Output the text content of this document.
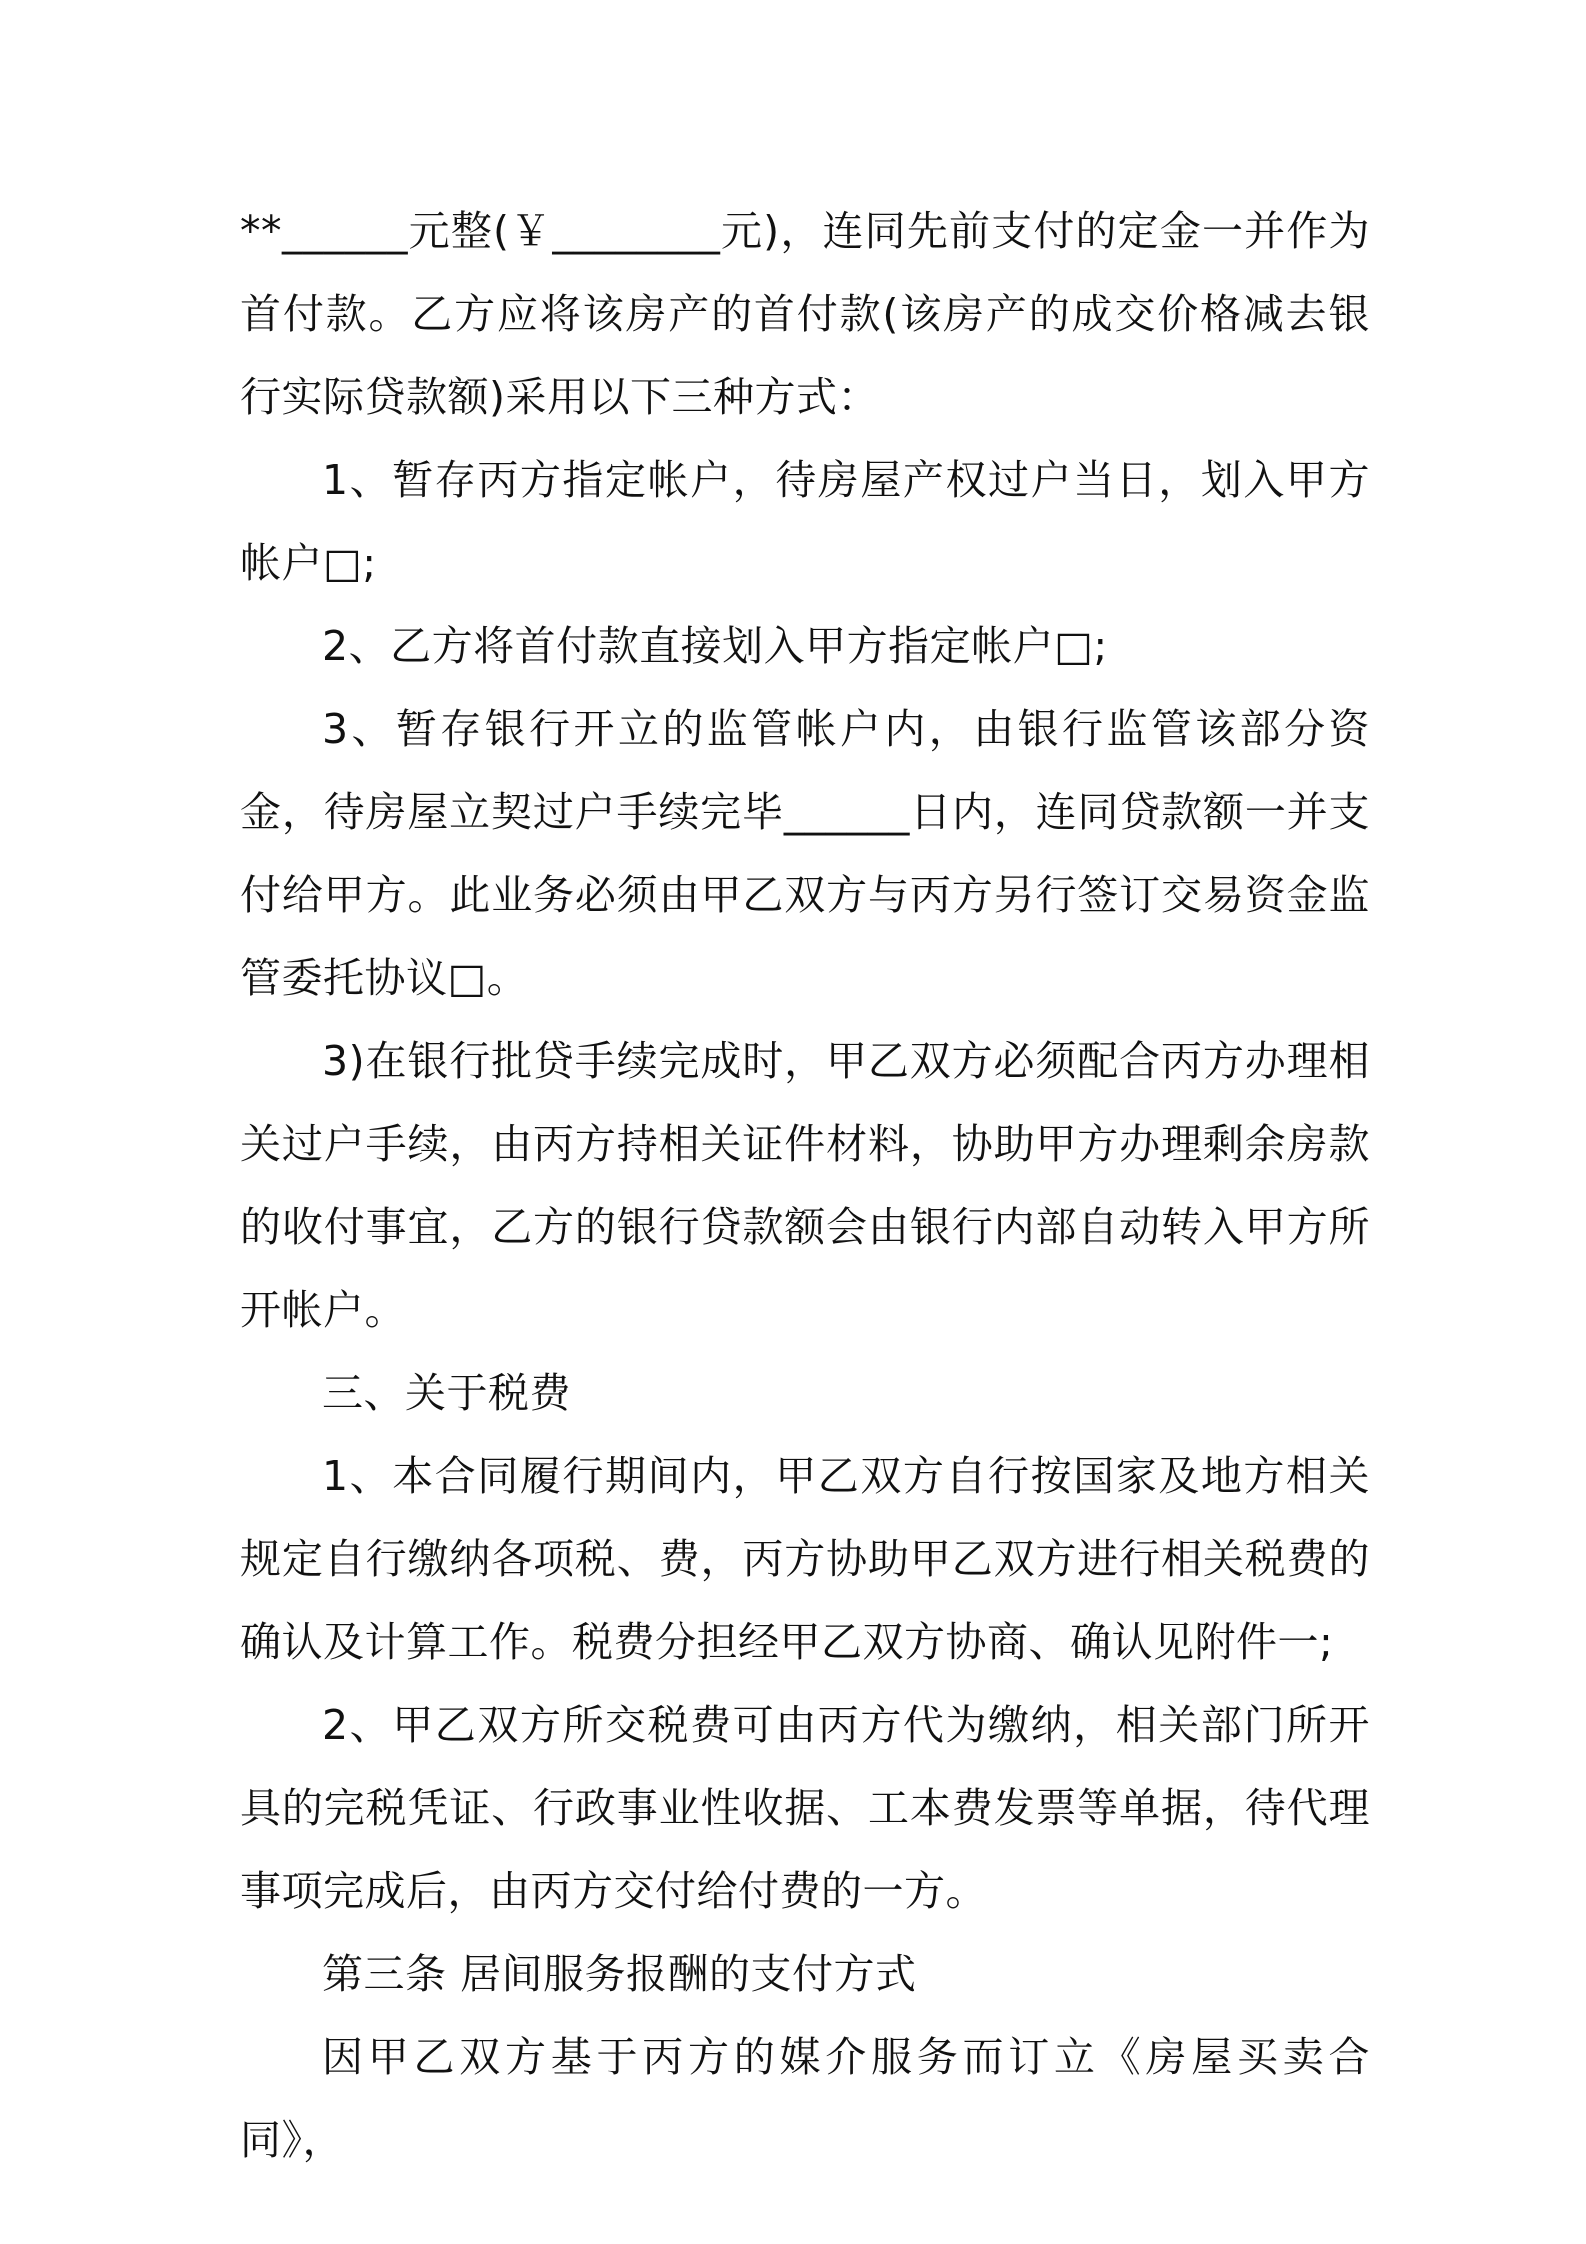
**______元整(￥________元)，连同先前支付的定金一并作为首付款。乙方应将该房产的首付款(该房产的成交价格减去银行实际贷款额)采用以下三种方式：

1、暂存丙方指定帐户，待房屋产权过户当日，划入甲方帐户□;

2、乙方将首付款直接划入甲方指定帐户□;

3、暂存银行开立的监管帐户内，由银行监管该部分资金，待房屋立契过户手续完毕______日内，连同贷款额一并支付给甲方。此业务必须由甲乙双方与丙方另行签订交易资金监管委托协议□。

3)在银行批贷手续完成时，甲乙双方必须配合丙方办理相关过户手续，由丙方持相关证件材料，协助甲方办理剩余房款的收付事宜，乙方的银行贷款额会由银行内部自动转入甲方所开帐户。

三、关于税费

1、本合同履行期间内，甲乙双方自行按国家及地方相关规定自行缴纳各项税、费，丙方协助甲乙双方进行相关税费的确认及计算工作。税费分担经甲乙双方协商、确认见附件一;

2、甲乙双方所交税费可由丙方代为缴纳，相关部门所开具的完税凭证、行政事业性收据、工本费发票等单据，待代理事项完成后，由丙方交付给付费的一方。

第三条 居间服务报酬的支付方式

因甲乙双方基于丙方的媒介服务而订立《房屋买卖合同》，
